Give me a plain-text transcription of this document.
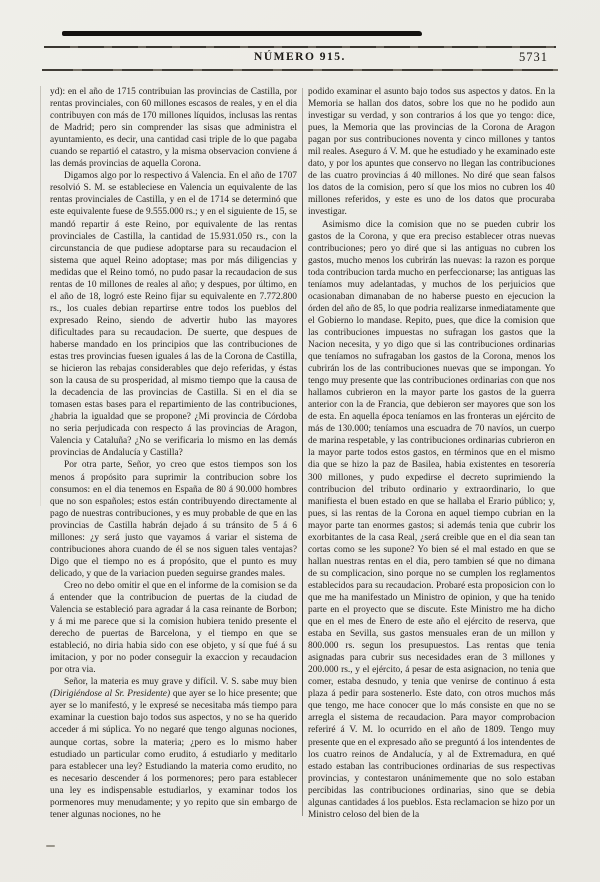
NÚMERO 915.	5731

yd): en el año de 1715 contribuian las provincias de Castilla, por rentas provinciales, con 60 millones escasos de reales, y en el dia contribuyen con más de 170 millones líquidos, inclusas las rentas de Madrid; pero sin comprender las sisas que administra el ayuntamiento, es decir, una cantidad casi triple de lo que pagaba cuando se repartió el catastro, y la misma observacion conviene á las demás provincias de aquella Corona.

Digamos algo por lo respectivo á Valencia. En el año de 1707 resolvió S. M. se estableciese en Valencia un equivalente de las rentas provinciales de Castilla, y en el de 1714 se determinó que este equivalente fuese de 9.555.000 rs.; y en el siguiente de 15, se mandó repartir á este Reino, por equivalente de las rentas provinciales de Castilla, la cantidad de 15.931.050 rs., con la circunstancia de que pudiese adoptarse para su recaudacion el sistema que aquel Reino adoptase; mas por más diligencias y medidas que el Reino tomó, no pudo pasar la recaudacion de sus rentas de 10 millones de reales al año; y despues, por último, en el año de 18, logró este Reino fijar su equivalente en 7.772.800 rs., los cuales debian repartirse entre todos los pueblos del expresado Reino, siendo de advertir hubo las mayores dificultades para su recaudacion. De suerte, que despues de haberse mandado en los principios que las contribuciones de estas tres provincias fuesen iguales á las de la Corona de Castilla, se hicieron las rebajas considerables que dejo referidas, y éstas son la causa de su prosperidad, al mismo tiempo que la causa de la decadencia de las provincias de Castilla. Si en el dia se tomasen estas bases para el repartimiento de las contribuciones, ¿habria la igualdad que se propone? ¿Mi provincia de Córdoba no seria perjudicada con respecto á las provincias de Aragon, Valencia y Cataluña? ¿No se verificaria lo mismo en las demás provincias de Andalucía y Castilla?

Por otra parte, Señor, yo creo que estos tiempos son los menos á propósito para suprimir la contribucion sobre los consumos: en el dia tenemos en España de 80 á 90.000 hombres que no son españoles; estos están contribuyendo directamente al pago de nuestras contribuciones, y es muy probable de que en las provincias de Castilla habrán dejado á su tránsito de 5 á 6 millones: ¿y será justo que vayamos á variar el sistema de contribuciones ahora cuando de él se nos siguen tales ventajas? Digo que el tiempo no es á propósito, que el punto es muy delicado, y que de la variacion pueden seguirse grandes males.

Creo no debo omitir el que en el informe de la comision se da á entender que la contribucion de puertas de la ciudad de Valencia se estableció para agradar á la casa reinante de Borbon; y á mi me parece que si la comision hubiera tenido presente el derecho de puertas de Barcelona, y el tiempo en que se estableció, no diria habia sido con ese objeto, y sí que fué á su imitacion, y por no poder conseguir la exaccion y recaudacion por otra via.

Señor, la materia es muy grave y difícil. V. S. sabe muy bien (Dirigiéndose al Sr. Presidente) que ayer se lo hice presente; que ayer se lo manifestó, y le expresé se necesitaba más tiempo para examinar la cuestion bajo todos sus aspectos, y no se ha querido acceder á mi súplica. Yo no negaré que tengo algunas nociones, aunque cortas, sobre la materia; ¿pero es lo mismo haber estudiado un particular como erudito, á estudiarlo y meditarlo para establecer una ley? Estudiando la materia como erudito, no es necesario descender á los pormenores; pero para establecer una ley es indispensable estudiarlos, y examinar todos los pormenores muy menudamente; y yo repito que sin embargo de tener algunas nociones, no he

podido examinar el asunto bajo todos sus aspectos y datos. En la Memoria se hallan dos datos, sobre los que no he podido aun investigar su verdad, y son contrarios á los que yo tengo: dice, pues, la Memoria que las provincias de la Corona de Aragon pagan por sus contribuciones noventa y cinco millones y tantos mil reales. Aseguro á V. M. que he estudiado y he examinado este dato, y por los apuntes que conservo no llegan las contribuciones de las cuatro provincias á 40 millones. No diré que sean falsos los datos de la comision, pero sí que los mios no cubren los 40 millones referidos, y este es uno de los datos que procuraba investigar.

Asimismo dice la comision que no se pueden cubrir los gastos de la Corona, y que era preciso establecer otras nuevas contribuciones; pero yo diré que si las antiguas no cubren los gastos, mucho menos los cubrirán las nuevas: la razon es porque toda contribucion tarda mucho en perfeccionarse; las antiguas las teníamos muy adelantadas, y muchos de los perjuicios que ocasionaban dimanaban de no haberse puesto en ejecucion la órden del año de 85, lo que podria realizarse inmediatamente que el Gobierno lo mandase. Repito, pues, que dice la comision que las contribuciones impuestas no sufragan los gastos que la Nacion necesita, y yo digo que si las contribuciones ordinarias que teníamos no sufragaban los gastos de la Corona, menos los cubrirán los de las contribuciones nuevas que se impongan. Yo tengo muy presente que las contribuciones ordinarias con que nos hallamos cubrieron en la mayor parte los gastos de la guerra anterior con la de Francia, que debieron ser mayores que son los de esta. En aquella época teníamos en las fronteras un ejército de más de 130.000; teníamos una escuadra de 70 navíos, un cuerpo de marina respetable, y las contribuciones ordinarias cubrieron en la mayor parte todos estos gastos, en términos que en el mismo dia que se hizo la paz de Basilea, habia existentes en tesorería 300 millones, y pudo expedirse el decreto suprimiendo la contribucion del tributo ordinario y extraordinario, lo que manifiesta el buen estado en que se hallaba el Erario público; y, pues, si las rentas de la Corona en aquel tiempo cubrian en la mayor parte tan enormes gastos; si además tenia que cubrir los exorbitantes de la casa Real, ¿será creible que en el dia sean tan cortas como se les supone? Yo bien sé el mal estado en que se hallan nuestras rentas en el dia, pero tambien sé que no dimana de su complicacion, sino porque no se cumplen los reglamentos establecidos para su recaudacion. Probaré esta proposicion con lo que me ha manifestado un Ministro de opinion, y que ha tenido parte en el proyecto que se discute. Este Ministro me ha dicho que en el mes de Enero de este año el ejército de reserva, que estaba en Sevilla, sus gastos mensuales eran de un millon y 800.000 rs. segun los presupuestos. Las rentas que tenia asignadas para cubrir sus necesidades eran de 3 millones y 200.000 rs., y el ejército, á pesar de esta asignacion, no tenia que comer, estaba desnudo, y tenia que venirse de continuo á esta plaza á pedir para sostenerlo. Este dato, con otros muchos más que tengo, me hace conocer que lo más consiste en que no se arregla el sistema de recaudacion. Para mayor comprobacion referiré á V. M. lo ocurrido en el año de 1809. Tengo muy presente que en el expresado año se preguntó á los intendentes de los cuatro reinos de Andalucía, y al de Extremadura, en qué estado estaban las contribuciones ordinarias de sus respectivas provincias, y contestaron unánimemente que no solo estaban percibidas las contribuciones ordinarias, sino que se debia algunas cantidades á los pueblos. Esta reclamacion se hizo por un Ministro celoso del bien de la
